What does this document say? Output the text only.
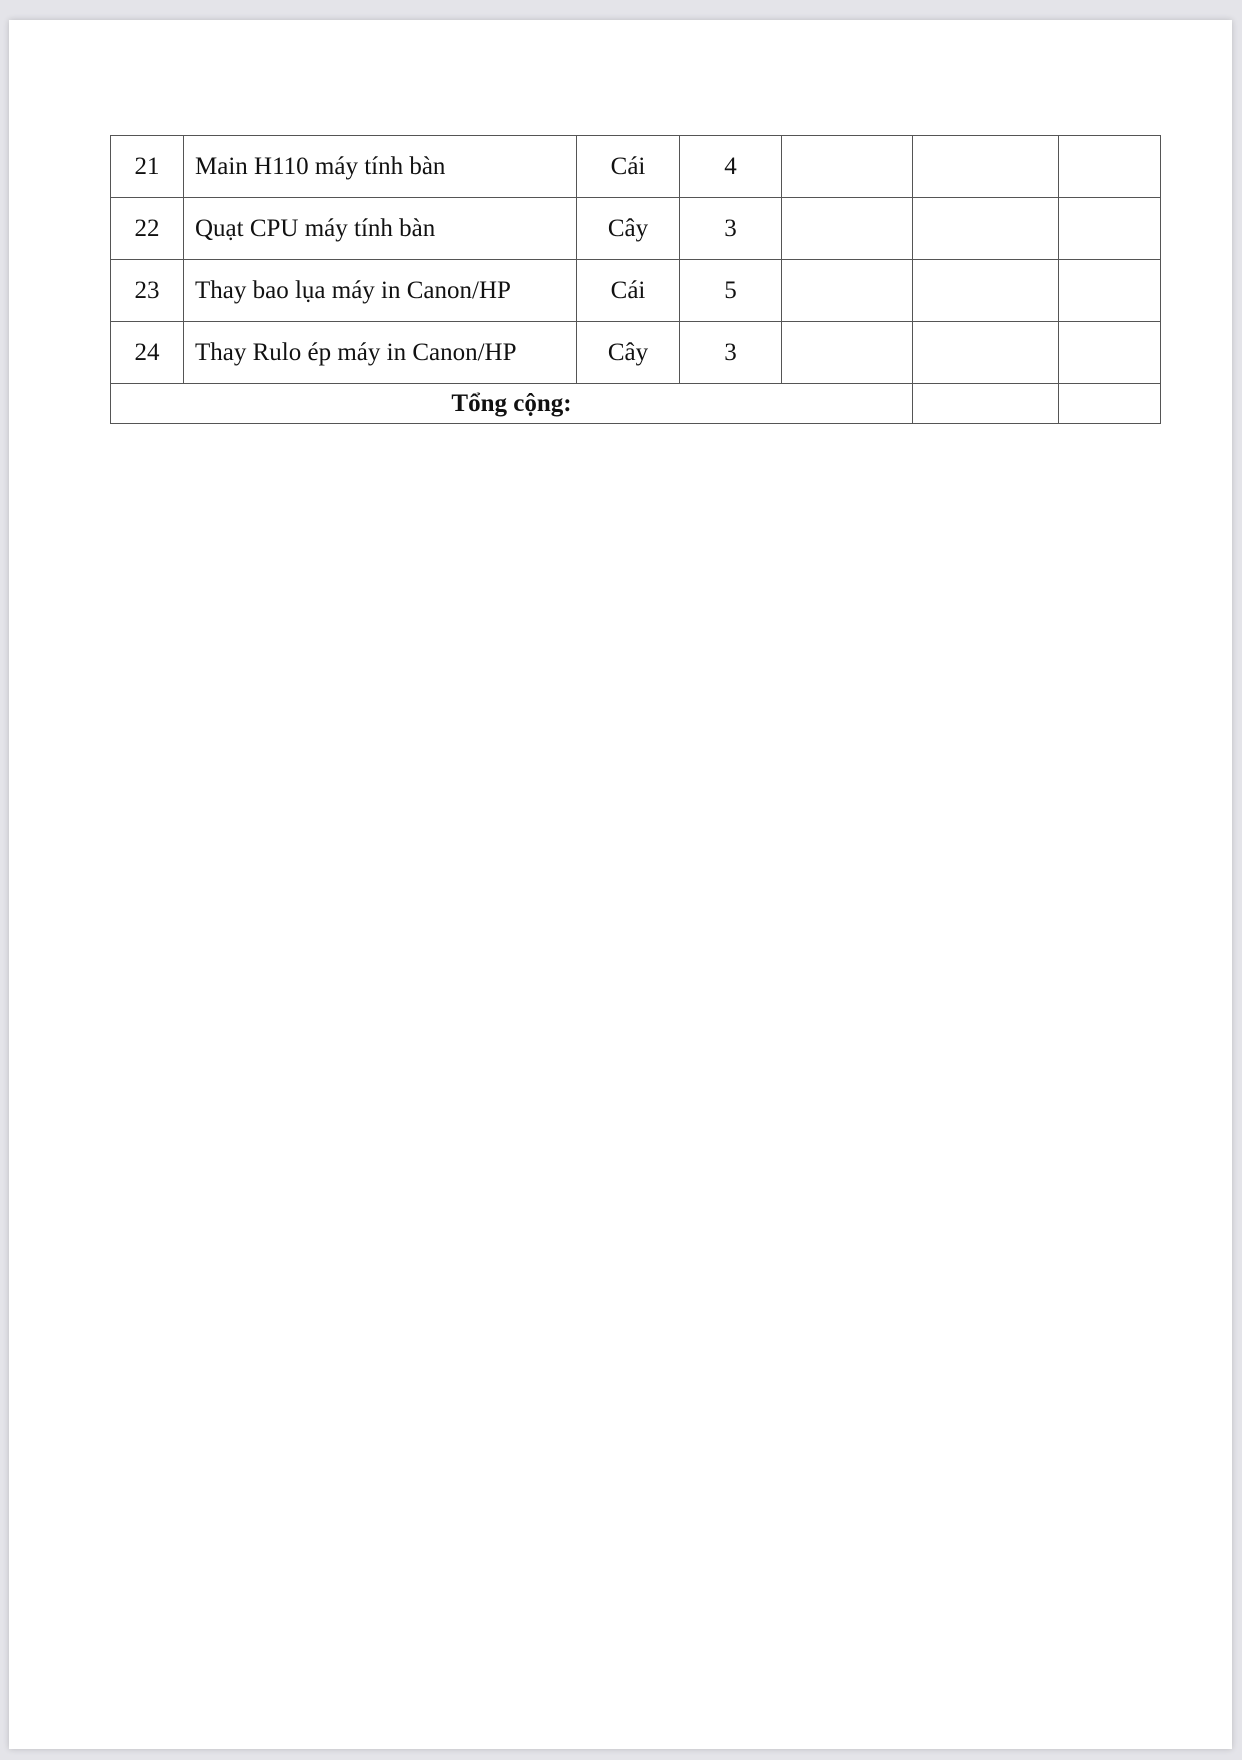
21	Main H110 máy tính bàn	Cái	4			
22	Quạt CPU máy tính bàn	Cây	3			
23	Thay bao lụa máy in Canon/HP	Cái	5			
24	Thay Rulo ép máy in Canon/HP	Cây	3			
Tổng cộng:						
